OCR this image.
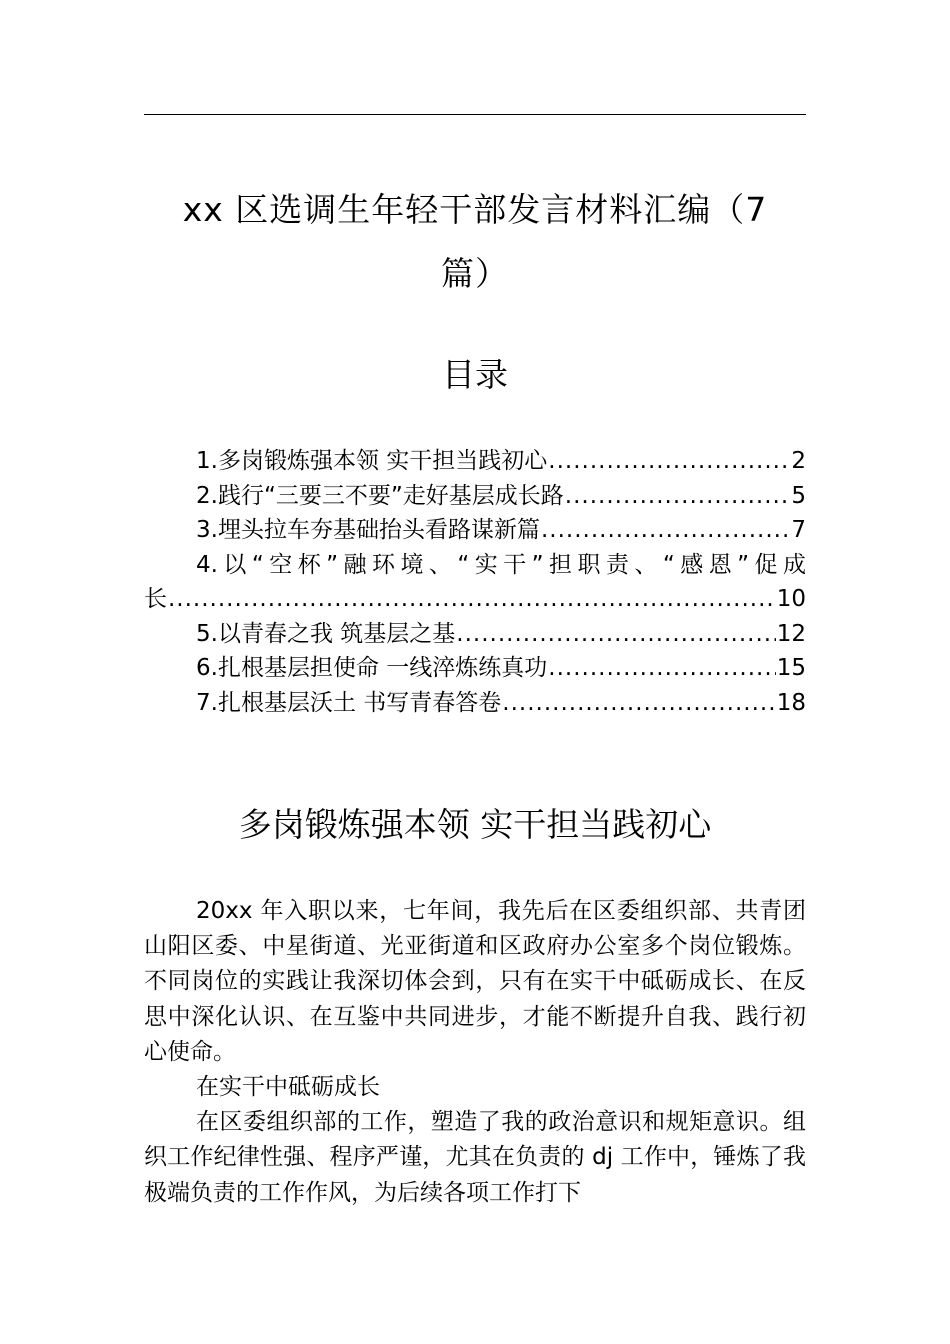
xx 区选调生年轻干部发言材料汇编（7
篇）
目录
1.多岗锻炼强本领 实干担当践初心 .....	2
2.践行“三要三不要”走好基层成长路 .....	5
3.埋头拉车夯基础抬头看路谋新篇 .....	7
4.以“空杯”融环境、“实干”担职责、“感恩”促成
长 .....	10
5.以青春之我 筑基层之基 .....	12
6.扎根基层担使命 一线淬炼练真功 .....	15
7.扎根基层沃土 书写青春答卷 .....	18
多岗锻炼强本领 实干担当践初心

20xx 年入职以来，七年间，我先后在区委组织部、共青团山阳区委、中星街道、光亚街道和区政府办公室多个岗位锻炼。不同岗位的实践让我深切体会到，只有在实干中砥砺成长、在反思中深化认识、在互鉴中共同进步，才能不断提升自我、践行初心使命。

在实干中砥砺成长

在区委组织部的工作，塑造了我的政治意识和规矩意识。组织工作纪律性强、程序严谨，尤其在负责的 dj 工作中，锤炼了我极端负责的工作作风，为后续各项工作打下
